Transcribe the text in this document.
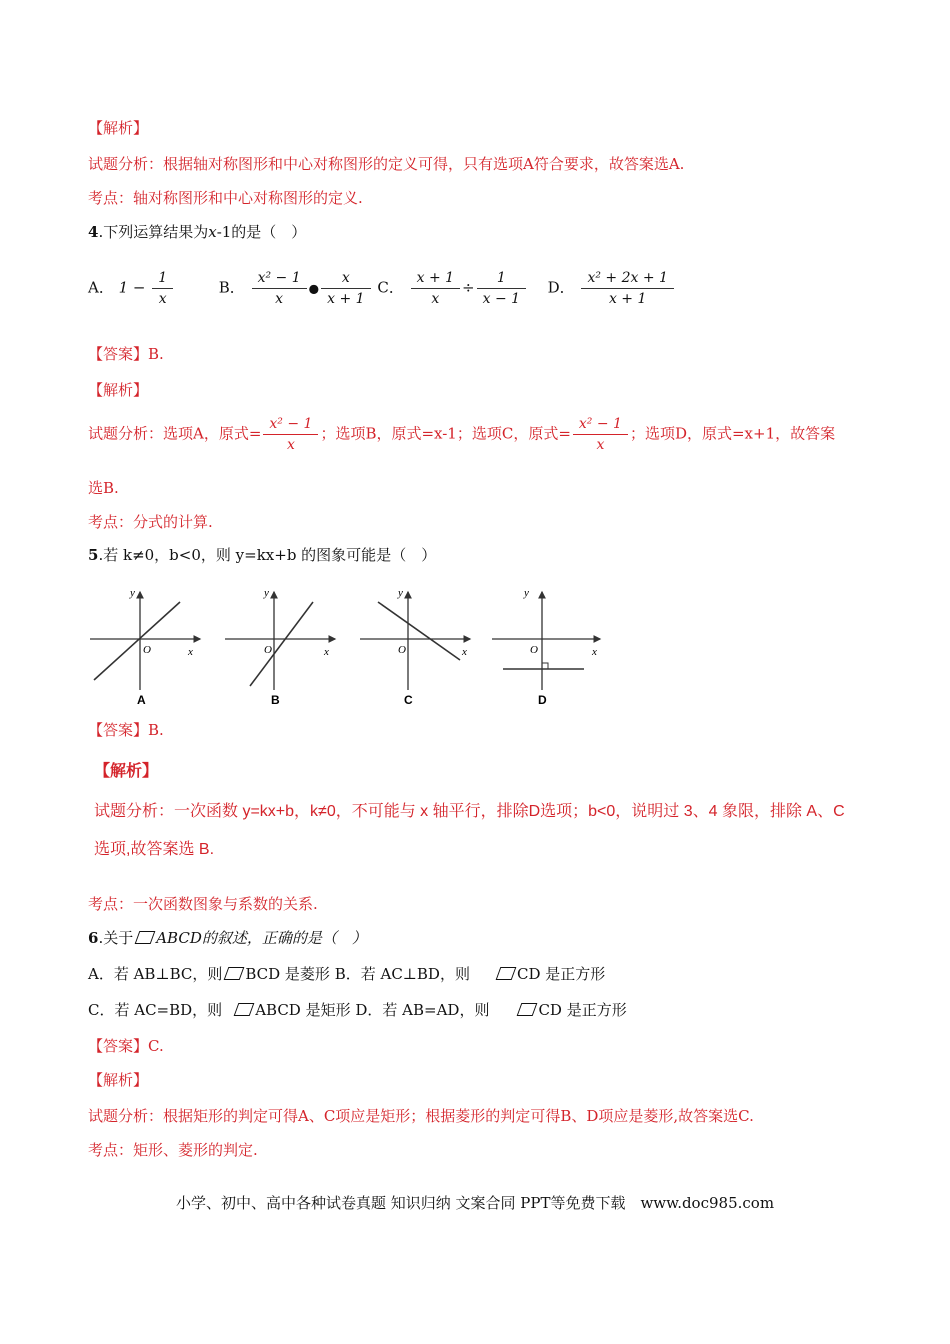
【解析】
试题分析：根据轴对称图形和中心对称图形的定义可得，只有选项A符合要求，故答案选A.
考点：轴对称图形和中心对称图形的定义.
4.下列运算结果为x-1的是（　）
A． $1 - \frac{1}{x}$	B． $\frac{\text{x² − 1}}{x}$ ● $\frac{x}{x + 1}$ C． $\frac{x + 1}{x} \div \frac{1}{x - 1}$ D． $\frac{\text{x² + 2x + 1}}{x + 1}$
【答案】B.
【解析】
试题分析：选项A，原式= $\frac{\text{x² − 1}}{x}$ ；选项B，原式=x-1；选项C，原式= $\frac{\text{x² − 1}}{x}$ ；选项D，原式=x+1，故答案
选B.
考点：分式的计算.
5.若 k≠0，b<0，则 y=kx+b 的图象可能是（　）
y
x
O
A
y
x
O
B
y
x
O
C
y
x
O
D
【答案】B.
【解析】
试题分析：一次函数 y=kx+b，k≠0，不可能与 x 轴平行，排除D选项；b<0，说明过 3、4 象限，排除 A、C
选项,故答案选 B.
考点：一次函数图象与系数的关系.
6.关于 ABCD的叙述，正确的是（　）
A．若 AB⊥BC，则 BCD 是菱形 B．若 AC⊥BD，则	CD 是正方形
C．若 AC=BD，则 ABCD 是矩形 D．若 AB=AD，则	CD 是正方形
【答案】C.
【解析】
试题分析：根据矩形的判定可得A、C项应是矩形；根据菱形的判定可得B、D项应是菱形,故答案选C.
考点：矩形、菱形的判定.
小学、初中、高中各种试卷真题 知识归纳 文案合同 PPT等免费下载　www.doc985.com
